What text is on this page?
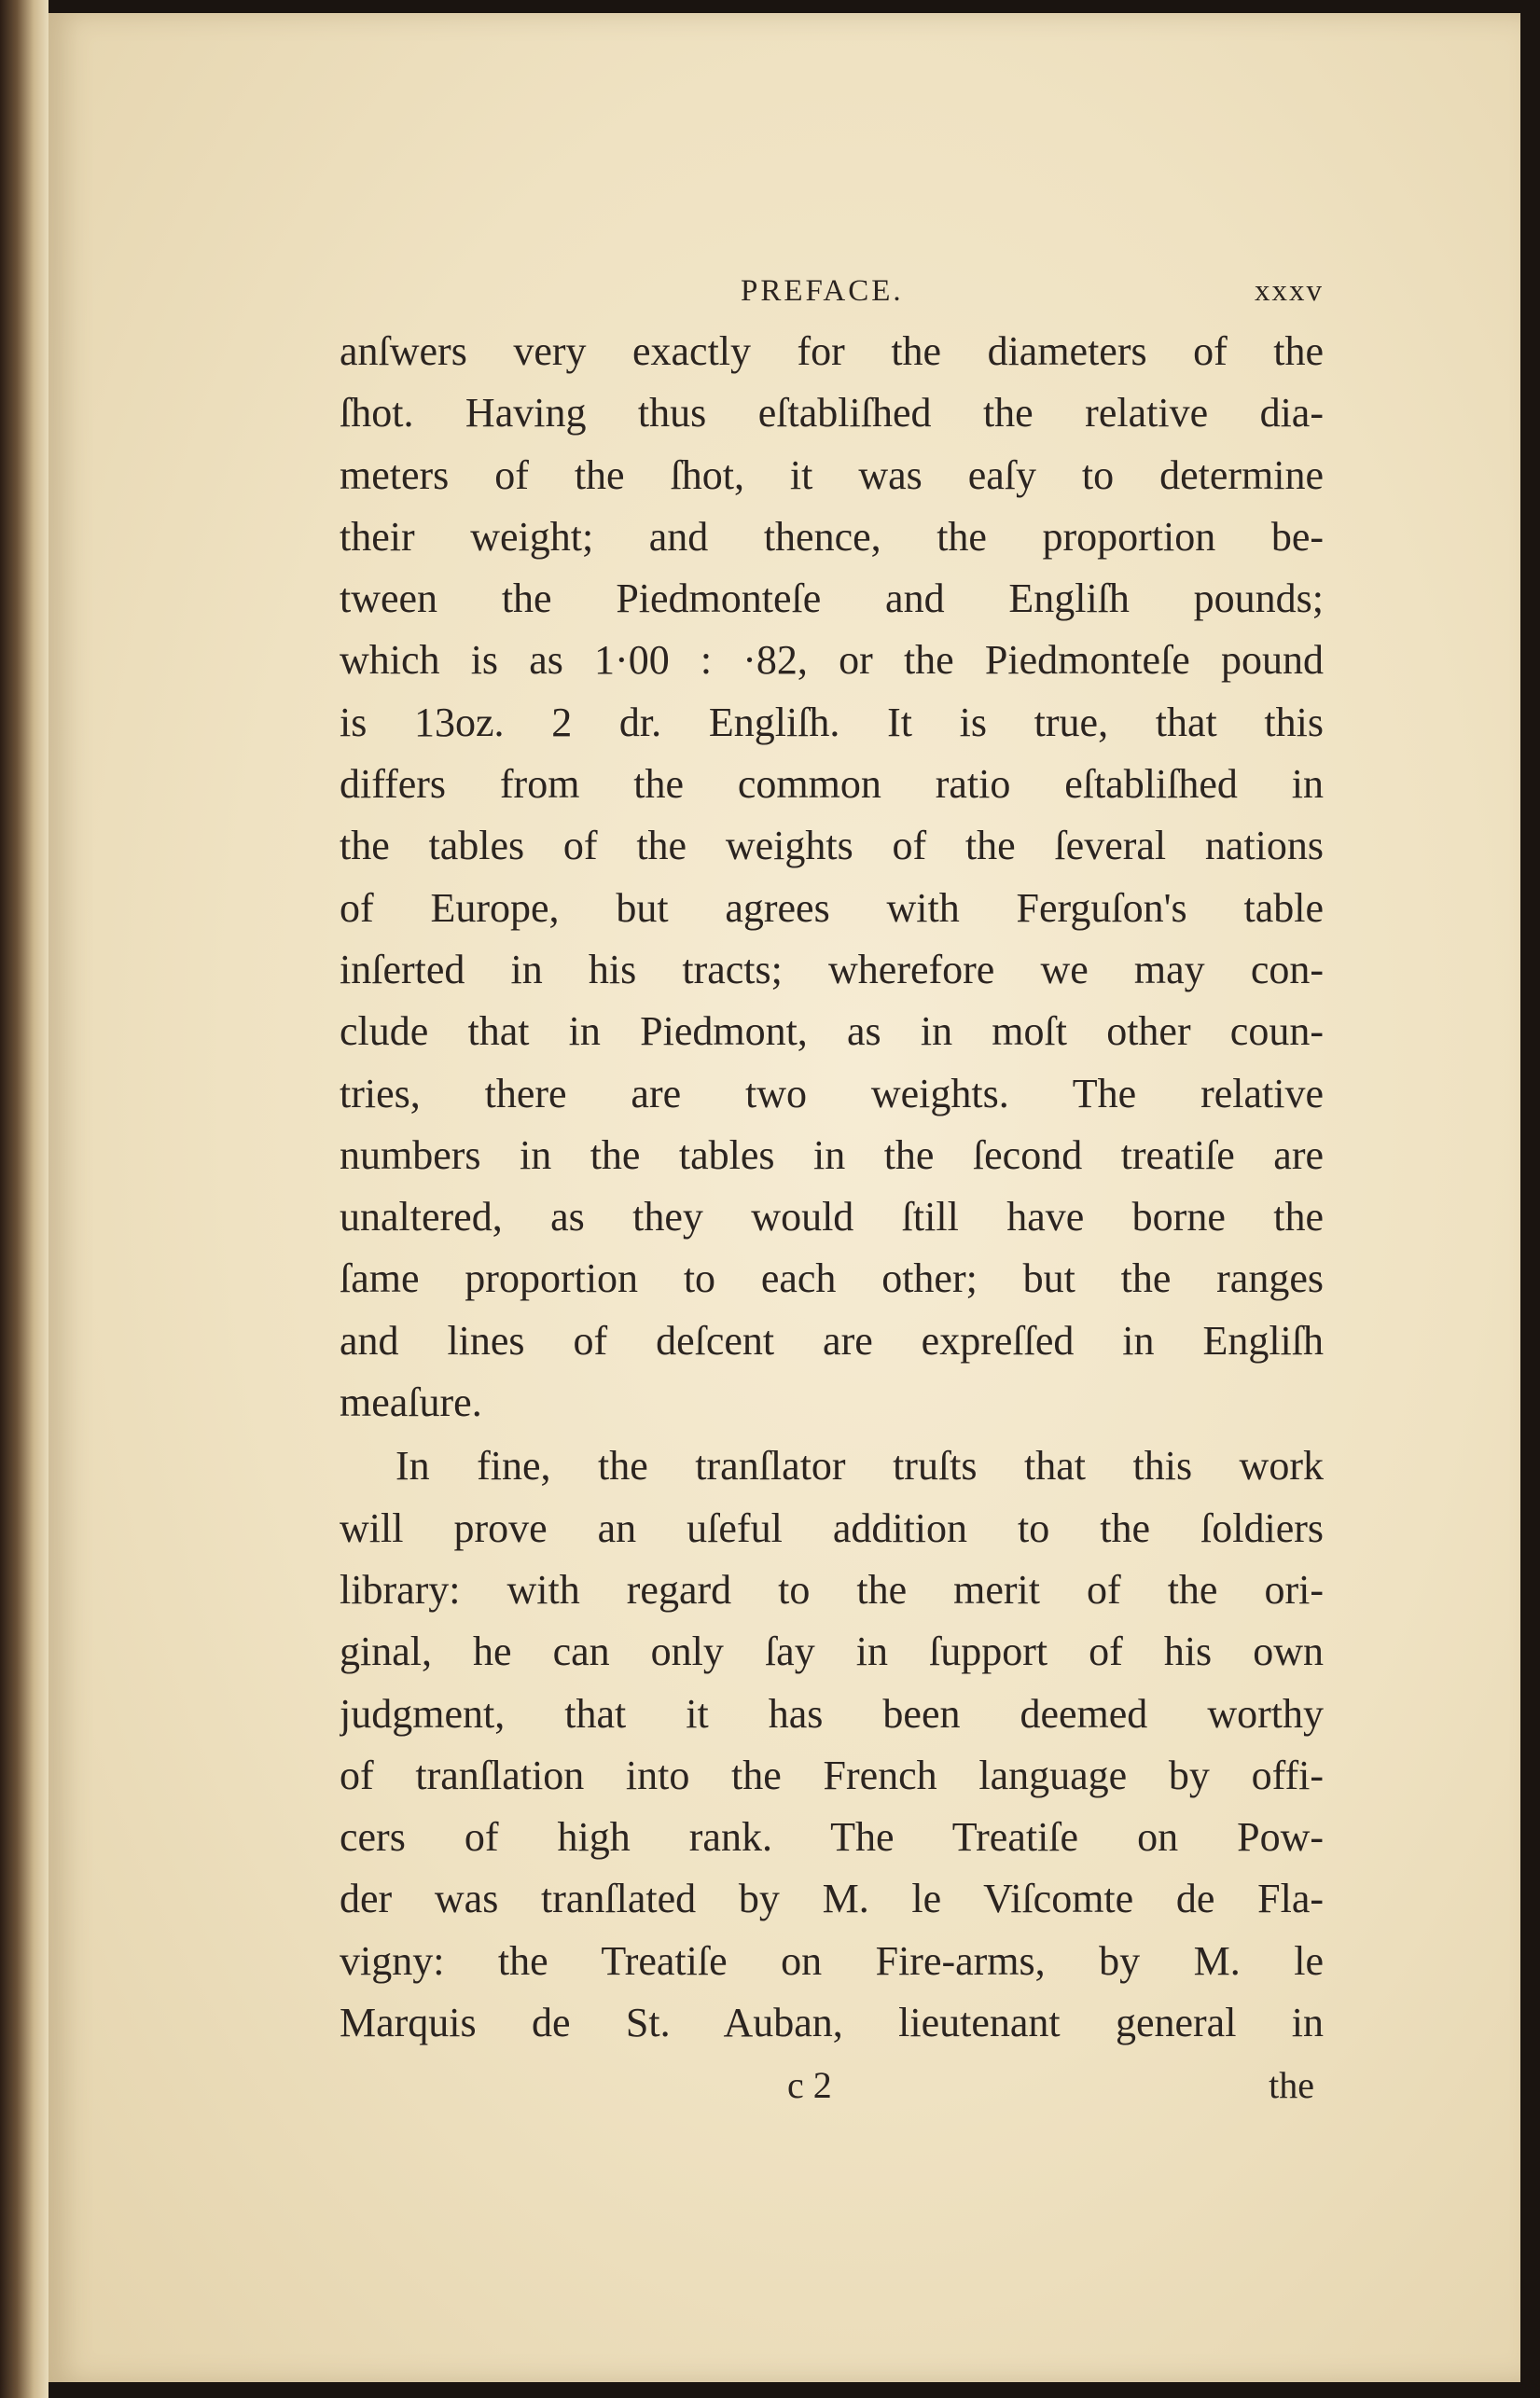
PREFACE.	xxxv
anſwers very exactly for the diameters of the
ſhot. Having thus eſtabliſhed the relative dia-
meters of the ſhot, it was eaſy to determine
their weight; and thence, the proportion be-
tween the Piedmonteſe and Engliſh pounds;
which is as 1·00 : ·82, or the Piedmonteſe pound
is 13oz. 2 dr. Engliſh. It is true, that this
differs from the common ratio eſtabliſhed in
the tables of the weights of the ſeveral nations
of Europe, but agrees with Ferguſon's table
inſerted in his tracts; wherefore we may con-
clude that in Piedmont, as in moſt other coun-
tries, there are two weights. The relative
numbers in the tables in the ſecond treatiſe are
unaltered, as they would ſtill have borne the
ſame proportion to each other; but the ranges
and lines of deſcent are expreſſed in Engliſh
meaſure.
In fine, the tranſlator truſts that this work
will prove an uſeful addition to the ſoldiers
library: with regard to the merit of the ori-
ginal, he can only ſay in ſupport of his own
judgment, that it has been deemed worthy
of tranſlation into the French language by offi-
cers of high rank. The Treatiſe on Pow-
der was tranſlated by M. le Viſcomte de Fla-
vigny: the Treatiſe on Fire-arms, by M. le
Marquis de St. Auban, lieutenant general in
c 2	the
